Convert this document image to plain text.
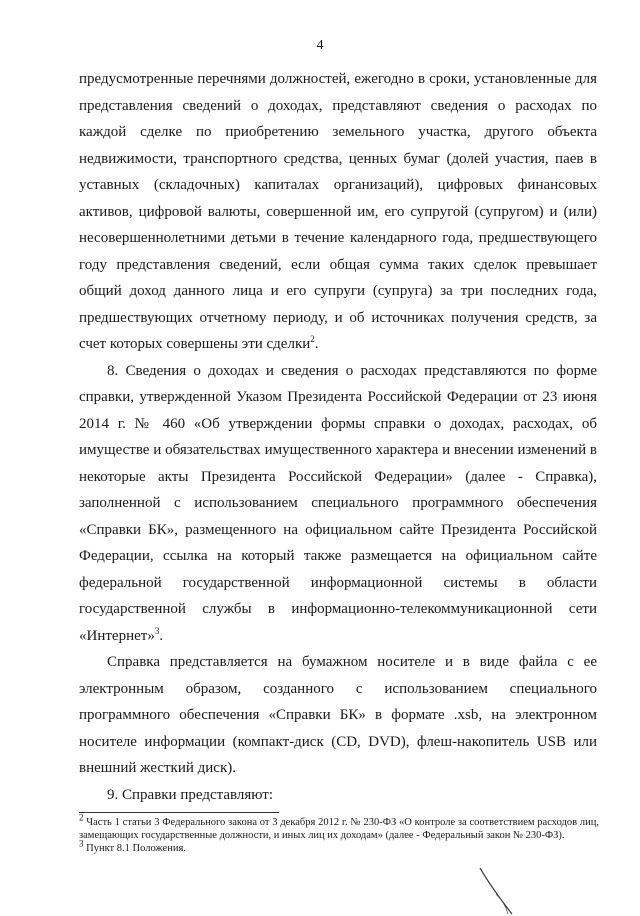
4

предусмотренные перечнями должностей, ежегодно в сроки, установленные для представления сведений о доходах, представляют сведения о расходах по каждой сделке по приобретению земельного участка, другого объекта недвижимости, транспортного средства, ценных бумаг (долей участия, паев в уставных (складочных) капиталах организаций), цифровых финансовых активов, цифровой валюты, совершенной им, его супругой (супругом) и (или) несовершеннолетними детьми в течение календарного года, предшествующего году представления сведений, если общая сумма таких сделок превышает общий доход данного лица и его супруги (супруга) за три последних года, предшествующих отчетному периоду, и об источниках получения средств, за счет которых совершены эти сделки$^2$.

8. Сведения о доходах и сведения о расходах представляются по форме справки, утвержденной Указом Президента Российской Федерации от 23 июня 2014 г. № 460 «Об утверждении формы справки о доходах, расходах, об имуществе и обязательствах имущественного характера и внесении изменений в некоторые акты Президента Российской Федерации» (далее - Справка), заполненной с использованием специального программного обеспечения «Справки БК», размещенного на официальном сайте Президента Российской Федерации, ссылка на который также размещается на официальном сайте федеральной государственной информационной системы в области государственной службы в информационно-телекоммуникационной сети «Интернет»$^3$.

Справка представляется на бумажном носителе и в виде файла с ее электронным образом, созданного с использованием специального программного обеспечения «Справки БК» в формате .xsb, на электронном носителе информации (компакт-диск (CD, DVD), флеш-накопитель USB или внешний жесткий диск).

9. Справки представляют:

$^2$ Часть 1 статьи 3 Федерального закона от 3 декабря 2012 г. № 230-ФЗ «О контроле за соответствием расходов лиц, замещающих государственные должности, и иных лиц их доходам» (далее - Федеральный закон № 230-ФЗ).

$^3$ Пункт 8.1 Положения.
